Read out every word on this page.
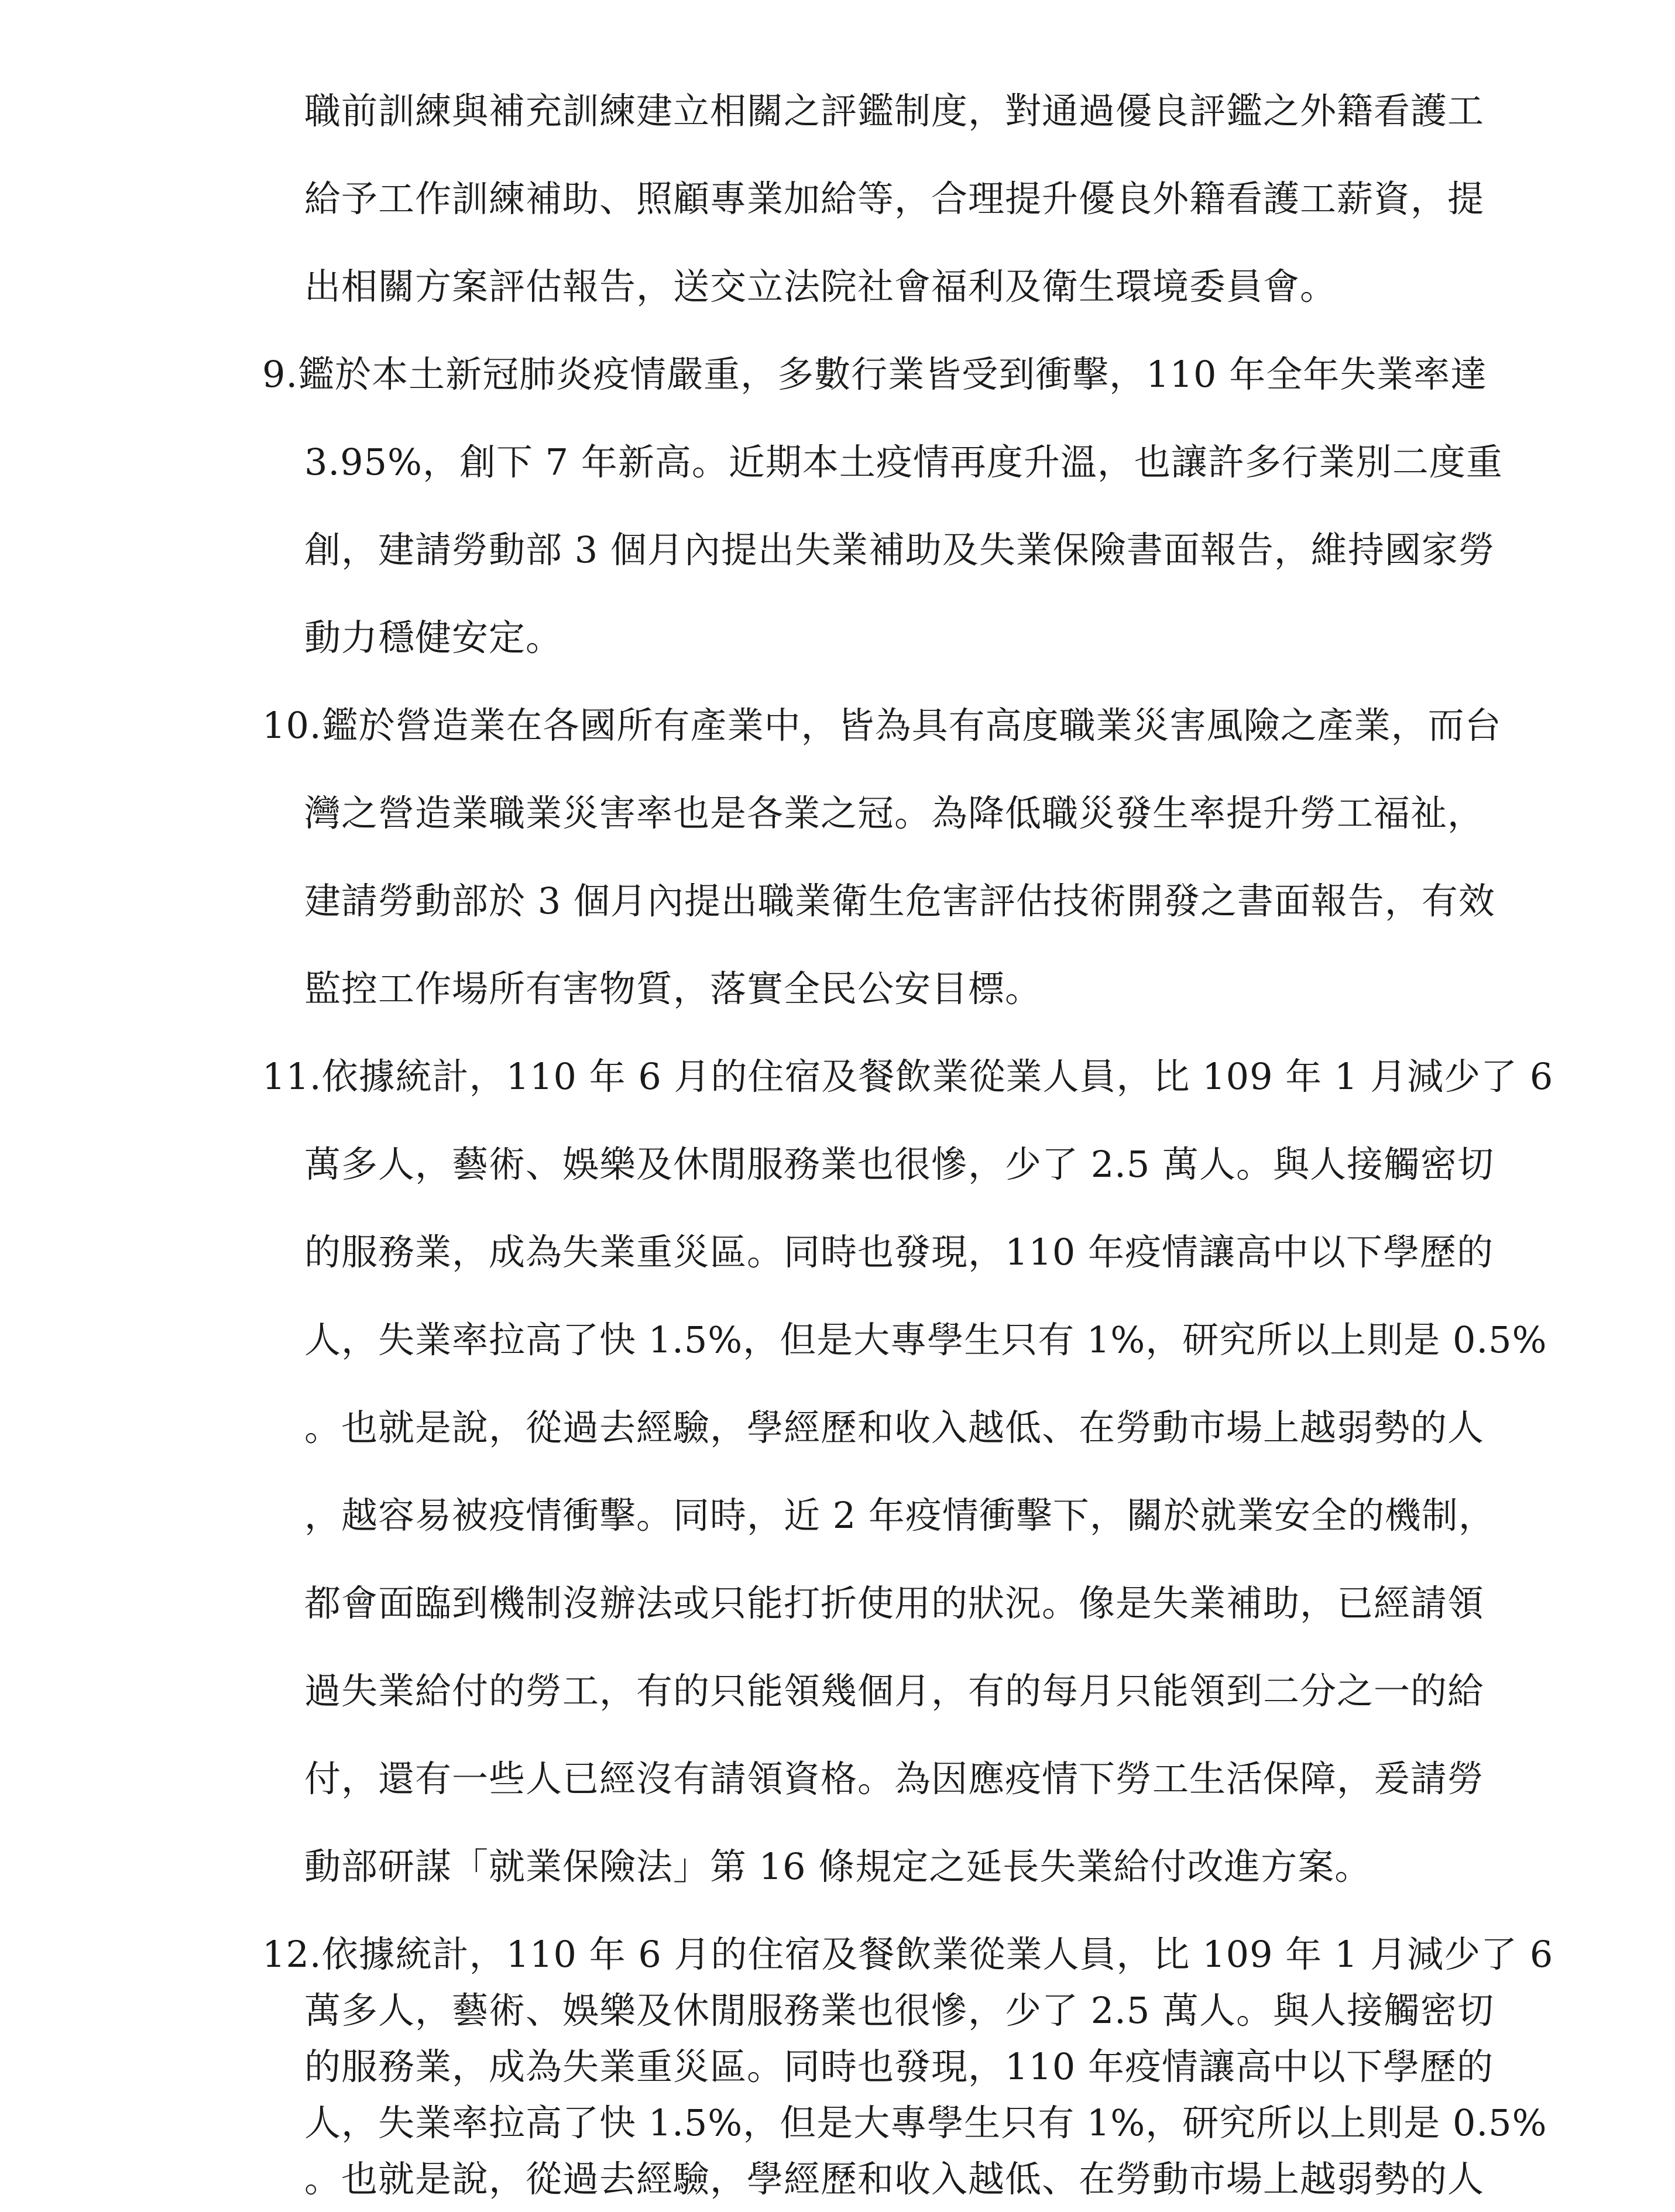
職前訓練與補充訓練建立相關之評鑑制度，對通過優良評鑑之外籍看護工
給予工作訓練補助、照顧專業加給等，合理提升優良外籍看護工薪資，提
出相關方案評估報告，送交立法院社會福利及衛生環境委員會。
9.鑑於本土新冠肺炎疫情嚴重，多數行業皆受到衝擊，110 年全年失業率達
3.95%，創下 7 年新高。近期本土疫情再度升溫，也讓許多行業別二度重
創，建請勞動部 3 個月內提出失業補助及失業保險書面報告，維持國家勞
動力穩健安定。
10.鑑於營造業在各國所有產業中，皆為具有高度職業災害風險之產業，而台
灣之營造業職業災害率也是各業之冠。為降低職災發生率提升勞工福祉，
建請勞動部於 3 個月內提出職業衛生危害評估技術開發之書面報告，有效
監控工作場所有害物質，落實全民公安目標。
11.依據統計，110 年 6 月的住宿及餐飲業從業人員，比 109 年 1 月減少了 6
萬多人，藝術、娛樂及休閒服務業也很慘，少了 2.5 萬人。與人接觸密切
的服務業，成為失業重災區。同時也發現，110 年疫情讓高中以下學歷的
人，失業率拉高了快 1.5%，但是大專學生只有 1%，研究所以上則是 0.5%
。也就是說，從過去經驗，學經歷和收入越低、在勞動市場上越弱勢的人
，越容易被疫情衝擊。同時，近 2 年疫情衝擊下，關於就業安全的機制，
都會面臨到機制沒辦法或只能打折使用的狀況。像是失業補助，已經請領
過失業給付的勞工，有的只能領幾個月，有的每月只能領到二分之一的給
付，還有一些人已經沒有請領資格。為因應疫情下勞工生活保障，爰請勞
動部研謀「就業保險法」第 16 條規定之延長失業給付改進方案。
12.依據統計，110 年 6 月的住宿及餐飲業從業人員，比 109 年 1 月減少了 6
萬多人，藝術、娛樂及休閒服務業也很慘，少了 2.5 萬人。與人接觸密切
的服務業，成為失業重災區。同時也發現，110 年疫情讓高中以下學歷的
人，失業率拉高了快 1.5%，但是大專學生只有 1%，研究所以上則是 0.5%
。也就是說，從過去經驗，學經歷和收入越低、在勞動市場上越弱勢的人
